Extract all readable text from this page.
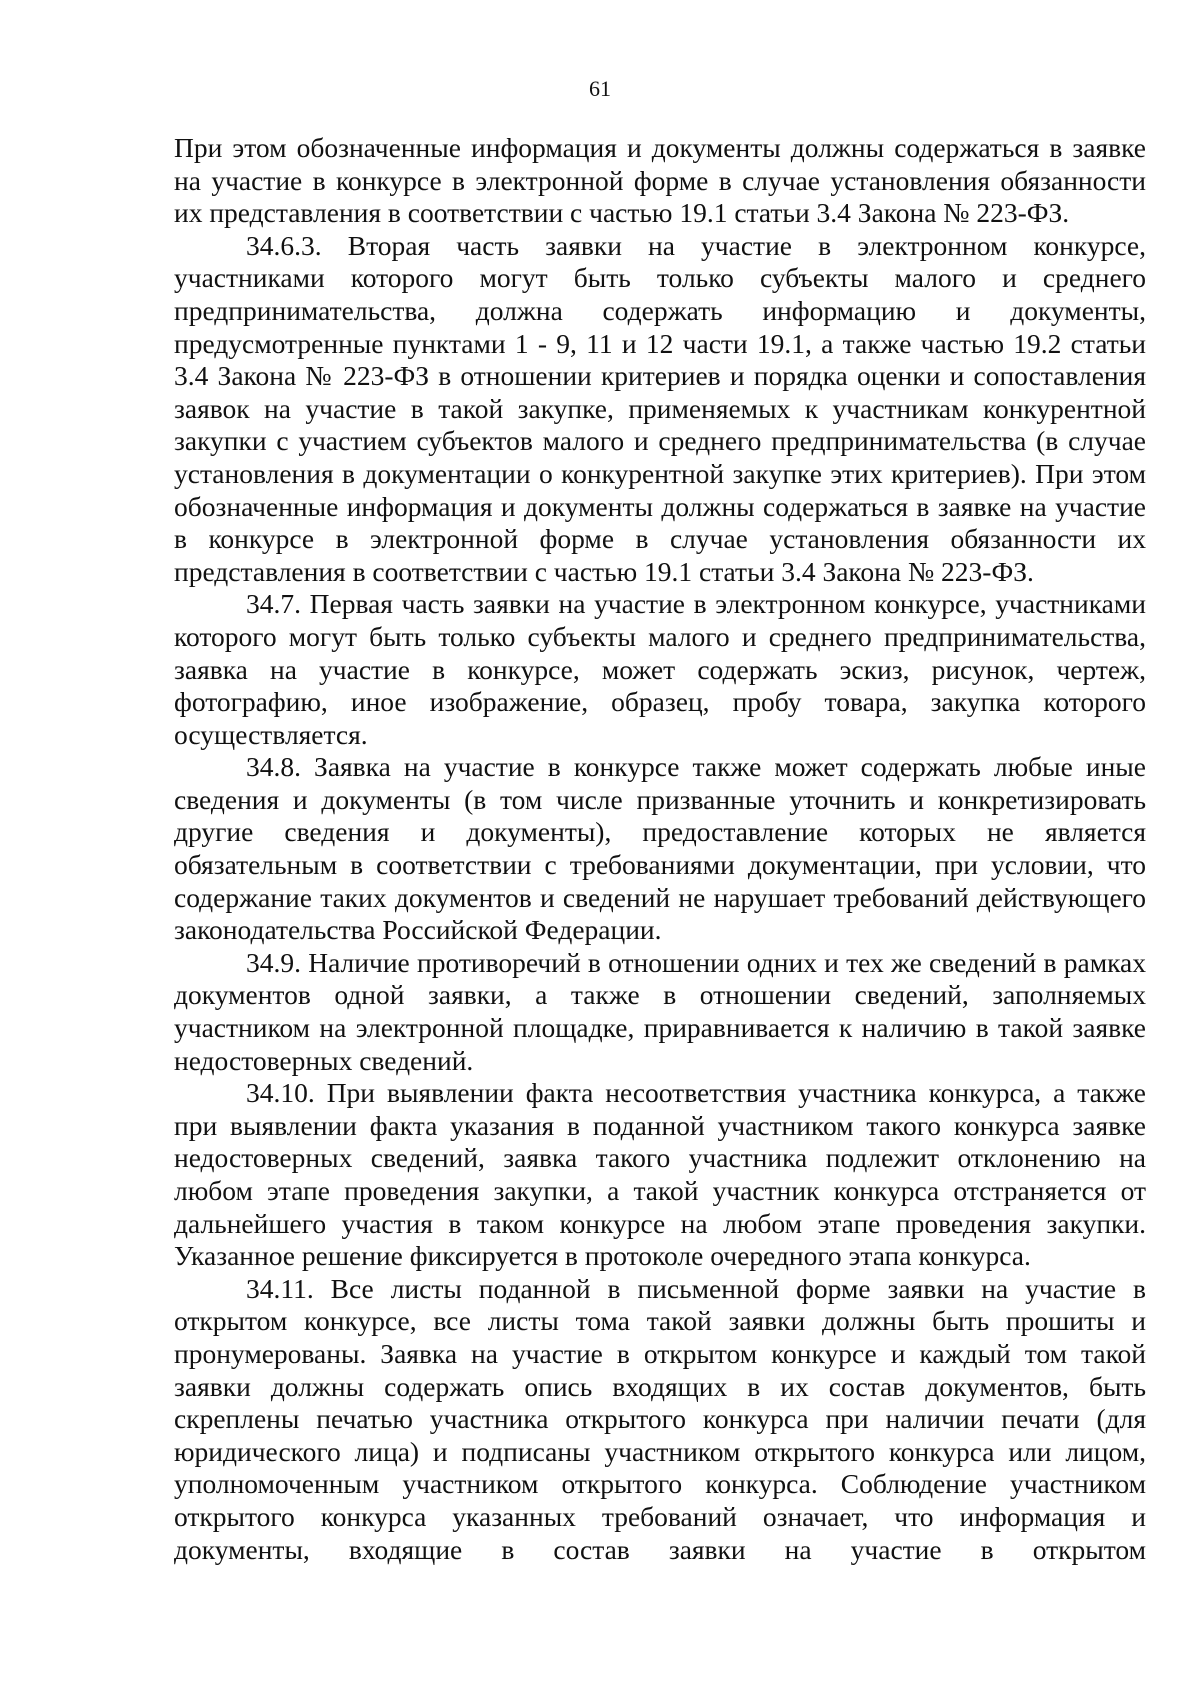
61

При этом обозначенные информация и документы должны содержаться в заявке на участие в конкурсе в электронной форме в случае установления обязанности их представления в соответствии с частью 19.1 статьи 3.4 Закона № 223-ФЗ.

34.6.3. Вторая часть заявки на участие в электронном конкурсе, участниками которого могут быть только субъекты малого и среднего предпринимательства, должна содержать информацию и документы, предусмотренные пунктами 1 - 9, 11 и 12 части 19.1, а также частью 19.2 статьи 3.4 Закона № 223-ФЗ в отношении критериев и порядка оценки и сопоставления заявок на участие в такой закупке, применяемых к участникам конкурентной закупки с участием субъектов малого и среднего предпринимательства (в случае установления в документации о конкурентной закупке этих критериев). При этом обозначенные информация и документы должны содержаться в заявке на участие в конкурсе в электронной форме в случае установления обязанности их представления в соответствии с частью 19.1 статьи 3.4 Закона № 223-ФЗ.

34.7. Первая часть заявки на участие в электронном конкурсе, участниками которого могут быть только субъекты малого и среднего предпринимательства, заявка на участие в конкурсе, может содержать эскиз, рисунок, чертеж, фотографию, иное изображение, образец, пробу товара, закупка которого осуществляется.

34.8. Заявка на участие в конкурсе также может содержать любые иные сведения и документы (в том числе призванные уточнить и конкретизировать другие сведения и документы), предоставление которых не является обязательным в соответствии с требованиями документации, при условии, что содержание таких документов и сведений не нарушает требований действующего законодательства Российской Федерации.

34.9. Наличие противоречий в отношении одних и тех же сведений в рамках документов одной заявки, а также в отношении сведений, заполняемых участником на электронной площадке, приравнивается к наличию в такой заявке недостоверных сведений.

34.10. При выявлении факта несоответствия участника конкурса, а также при выявлении факта указания в поданной участником такого конкурса заявке недостоверных сведений, заявка такого участника подлежит отклонению на любом этапе проведения закупки, а такой участник конкурса отстраняется от дальнейшего участия в таком конкурсе на любом этапе проведения закупки. Указанное решение фиксируется в протоколе очередного этапа конкурса.

34.11. Все листы поданной в письменной форме заявки на участие в открытом конкурсе, все листы тома такой заявки должны быть прошиты и пронумерованы. Заявка на участие в открытом конкурсе и каждый том такой заявки должны содержать опись входящих в их состав документов, быть скреплены печатью участника открытого конкурса при наличии печати (для юридического лица) и подписаны участником открытого конкурса или лицом, уполномоченным участником открытого конкурса. Соблюдение участником открытого конкурса указанных требований означает, что информация и документы, входящие в состав заявки на участие в открытом
